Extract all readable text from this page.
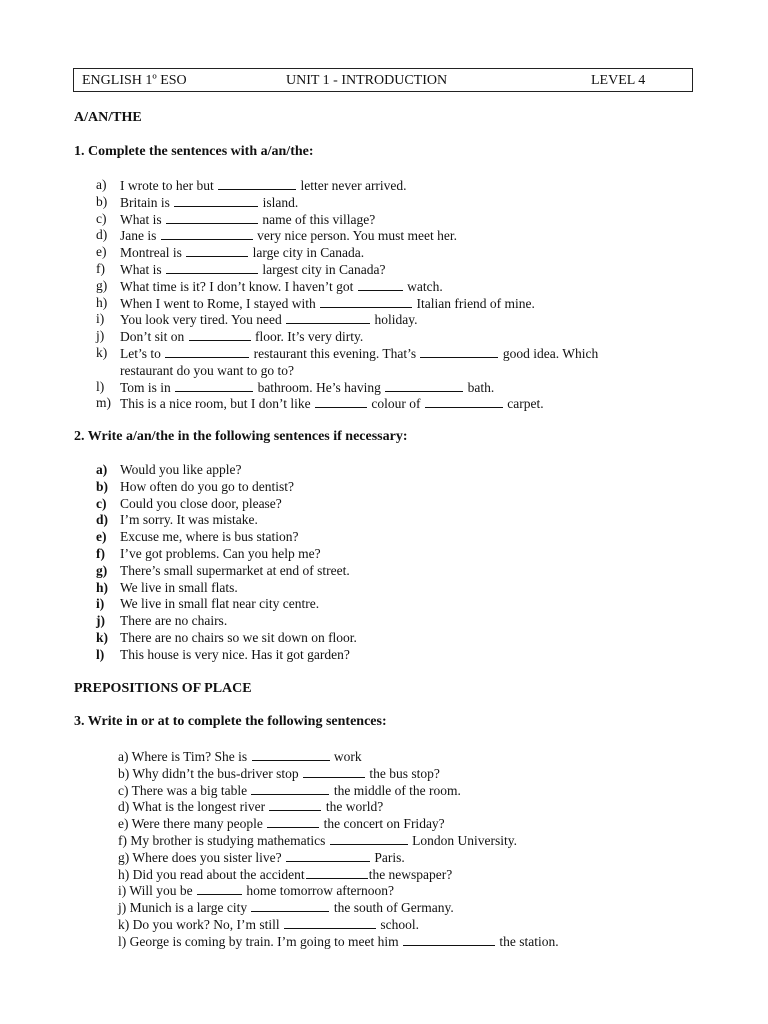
ENGLISH 1º ESO	UNIT 1 - INTRODUCTION	LEVEL 4
A/AN/THE
1. Complete the sentences with a/an/the:
a)	I wrote to her but	letter never arrived.
b) Britain is	island.
c)	What is	name of this village?
d) Jane is	very nice person. You must meet her.
e)	Montreal is	large city in Canada.
f)	What is	largest city in Canada?
g) What time is it? I don’t know. I haven’t got	watch.
h) When I went to Rome, I stayed with	Italian friend of mine.
i)	You look very tired. You need	holiday.
j)	Don’t sit on	floor. It’s very dirty.
k) Let’s to	restaurant this evening. That’s	good idea. Which
restaurant do you want to go to?
l)	Tom is in	bathroom. He’s having	bath.
m) This is a nice room, but I don’t like	colour of	carpet.
2. Write a/an/the in the following sentences if necessary:
a) Would you like apple?
b) How often do you go to dentist?
c)	Could you close door, please?
d) I’m sorry. It was mistake.
e)	Excuse me, where is bus station?
f)	I’ve got problems. Can you help me?
g) There’s small supermarket at end of street.
h) We live in small flats.
i)	We live in small flat near city centre.
j)	There are no chairs.
k) There are no chairs so we sit down on floor.
l)	This house is very nice. Has it got garden?
PREPOSITIONS OF PLACE
3. Write in or at to complete the following sentences:
a) Where is Tim? She is	work
b) Why didn’t the bus-driver stop	the bus stop?
c) There was a big table	the middle of the room.
d) What is the longest river	the world?
e) Were there many people	the concert on Friday?
f) My brother is studying mathematics	London University.
g) Where does you sister live?	Paris.
h) Did you read about the accident	the newspaper?
i) Will you be	home tomorrow afternoon?
j) Munich is a large city	the south of Germany.
k) Do you work? No, I’m still	school.
l) George is coming by train. I’m going to meet him	the station.
